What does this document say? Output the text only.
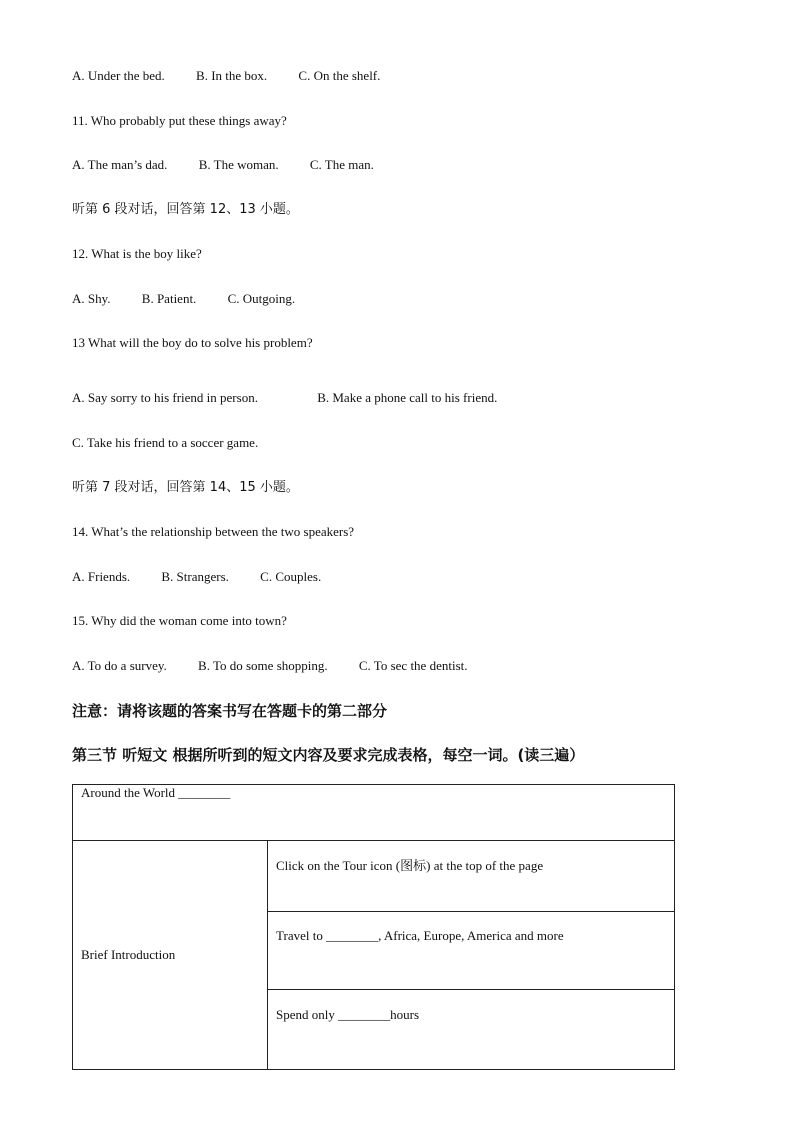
A. Under the bed. B. In the box. C. On the shelf.
11. Who probably put these things away?
A. The man’s dad. B. The woman. C. The man.
听第 6 段对话，回答第 12、13 小题。
12. What is the boy like?
A. Shy. B. Patient. C. Outgoing.
13 What will the boy do to solve his problem?
A. Say sorry to his friend in person.	B. Make a phone call to his friend.
C. Take his friend to a soccer game.
听第 7 段对话，回答第 14、15 小题。
14. What’s the relationship between the two speakers?
A. Friends. B. Strangers. C. Couples.
15. Why did the woman come into town?
A. To do a survey. B. To do some shopping. C. To sec the dentist.
注意：请将该题的答案书写在答题卡的第二部分
第三节 听短文 根据所听到的短文内容及要求完成表格，每空一词。(读三遍）
Around the World ________
Brief Introduction	Click on the Tour icon (图标) at the top of the page
Travel to ________, Africa, Europe, America and more
Spend only ________hours
